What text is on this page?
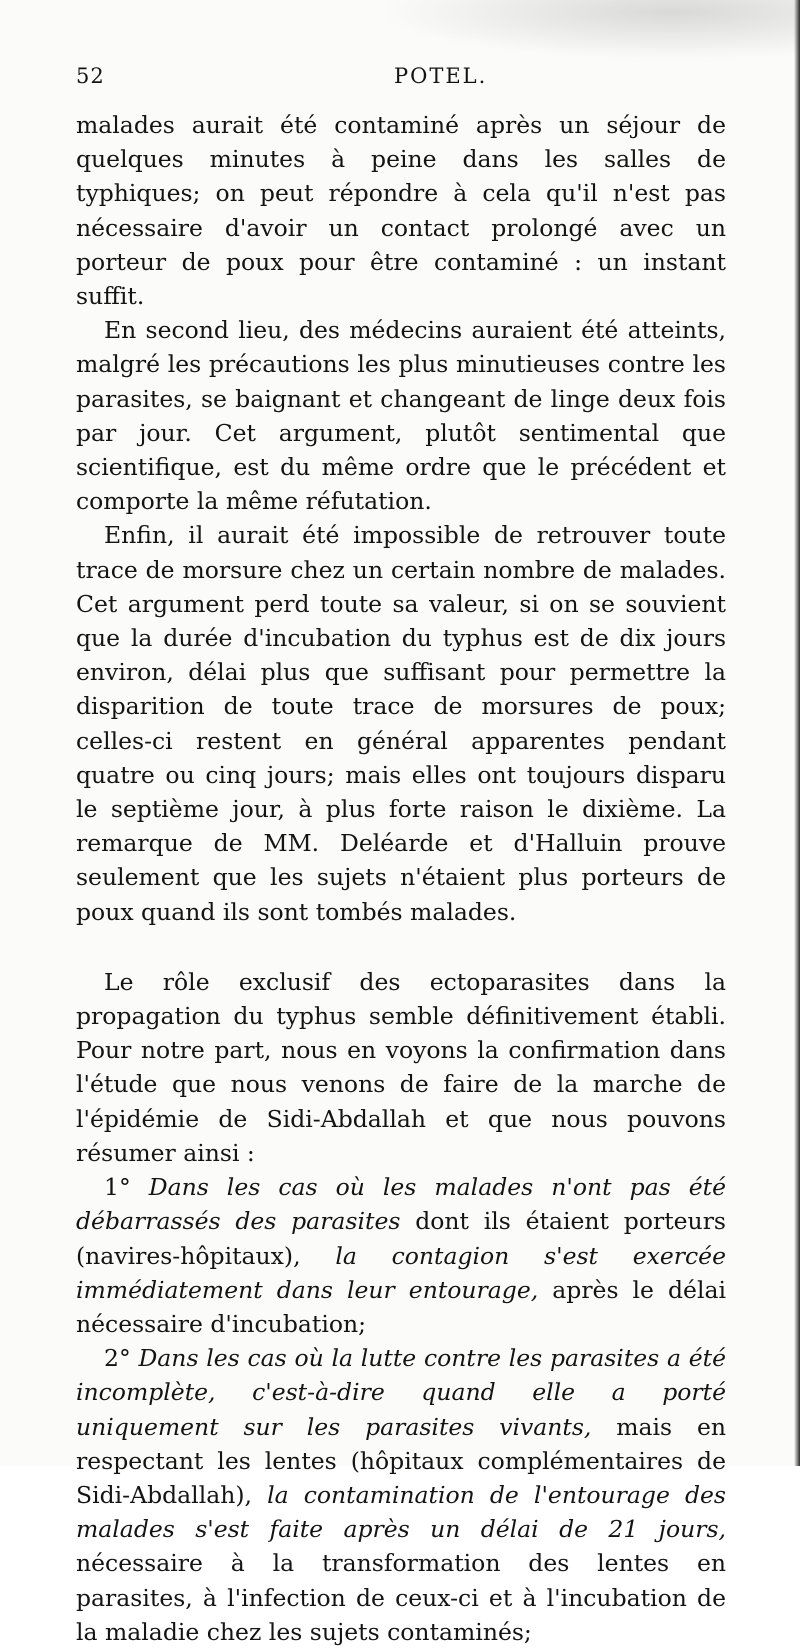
52	POTEL.

malades aurait été contaminé après un séjour de quelques minutes à peine dans les salles de typhiques; on peut répondre à cela qu'il n'est pas nécessaire d'avoir un contact prolongé avec un porteur de poux pour être contaminé : un instant suffit.

En second lieu, des médecins auraient été atteints, malgré les précautions les plus minutieuses contre les parasites, se baignant et changeant de linge deux fois par jour. Cet argument, plutôt sentimental que scientifique, est du même ordre que le précédent et comporte la même réfutation.

Enfin, il aurait été impossible de retrouver toute trace de morsure chez un certain nombre de malades. Cet argument perd toute sa valeur, si on se souvient que la durée d'incubation du typhus est de dix jours environ, délai plus que suffisant pour permettre la disparition de toute trace de morsures de poux; celles-ci restent en général apparentes pendant quatre ou cinq jours; mais elles ont toujours disparu le septième jour, à plus forte raison le dixième. La remarque de MM. Deléarde et d'Halluin prouve seulement que les sujets n'étaient plus porteurs de poux quand ils sont tombés malades.

Le rôle exclusif des ectoparasites dans la propagation du typhus semble définitivement établi. Pour notre part, nous en voyons la confirmation dans l'étude que nous venons de faire de la marche de l'épidémie de Sidi-Abdallah et que nous pouvons résumer ainsi :

1° Dans les cas où les malades n'ont pas été débarrassés des parasites dont ils étaient porteurs (navires-hôpitaux), la contagion s'est exercée immédiatement dans leur entourage, après le délai nécessaire d'incubation;

2° Dans les cas où la lutte contre les parasites a été incomplète, c'est-à-dire quand elle a porté uniquement sur les parasites vivants, mais en respectant les lentes (hôpitaux complémentaires de Sidi-Abdallah), la contamination de l'entourage des malades s'est faite après un délai de 21 jours, nécessaire à la transformation des lentes en parasites, à l'infection de ceux-ci et à l'incubation de la maladie chez les sujets contaminés;
